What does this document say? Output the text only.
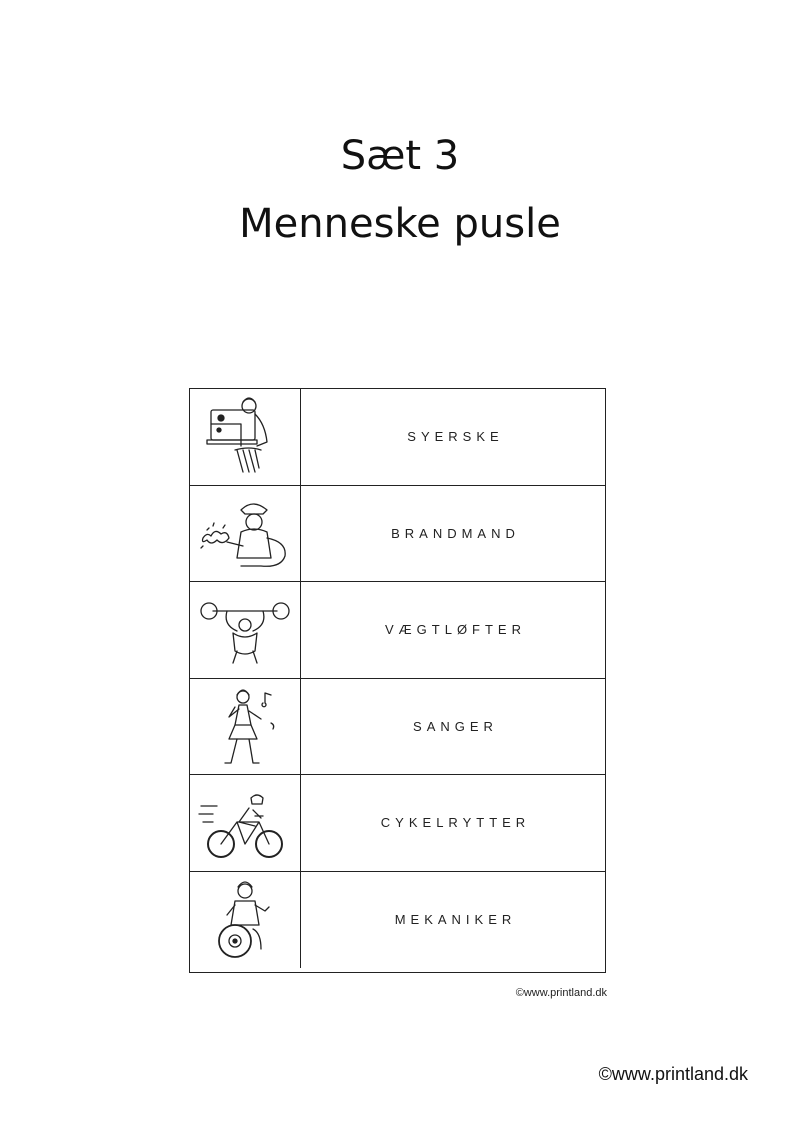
Sæt 3
Menneske pusle
SYERSKE
BRANDMAND
VÆGTLØFTER
SANGER
CYKELRYTTER
MEKANIKER
©www.printland.dk
©www.printland.dk
